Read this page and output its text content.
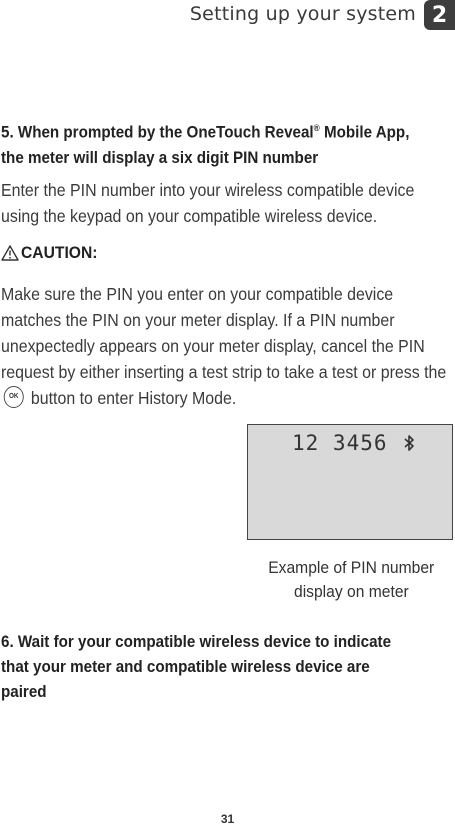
Setting up your system 2
5. When prompted by the OneTouch Reveal® Mobile App, the meter will display a six digit PIN number
Enter the PIN number into your wireless compatible device using the keypad on your compatible wireless device.
CAUTION:
Make sure the PIN you enter on your compatible device matches the PIN on your meter display. If a PIN number unexpectedly appears on your meter display, cancel the PIN request by either inserting a test strip to take a test or press the OK button to enter History Mode.
12 3456
Example of PIN number
display on meter
6. Wait for your compatible wireless device to indicate that your meter and compatible wireless device are paired
31
